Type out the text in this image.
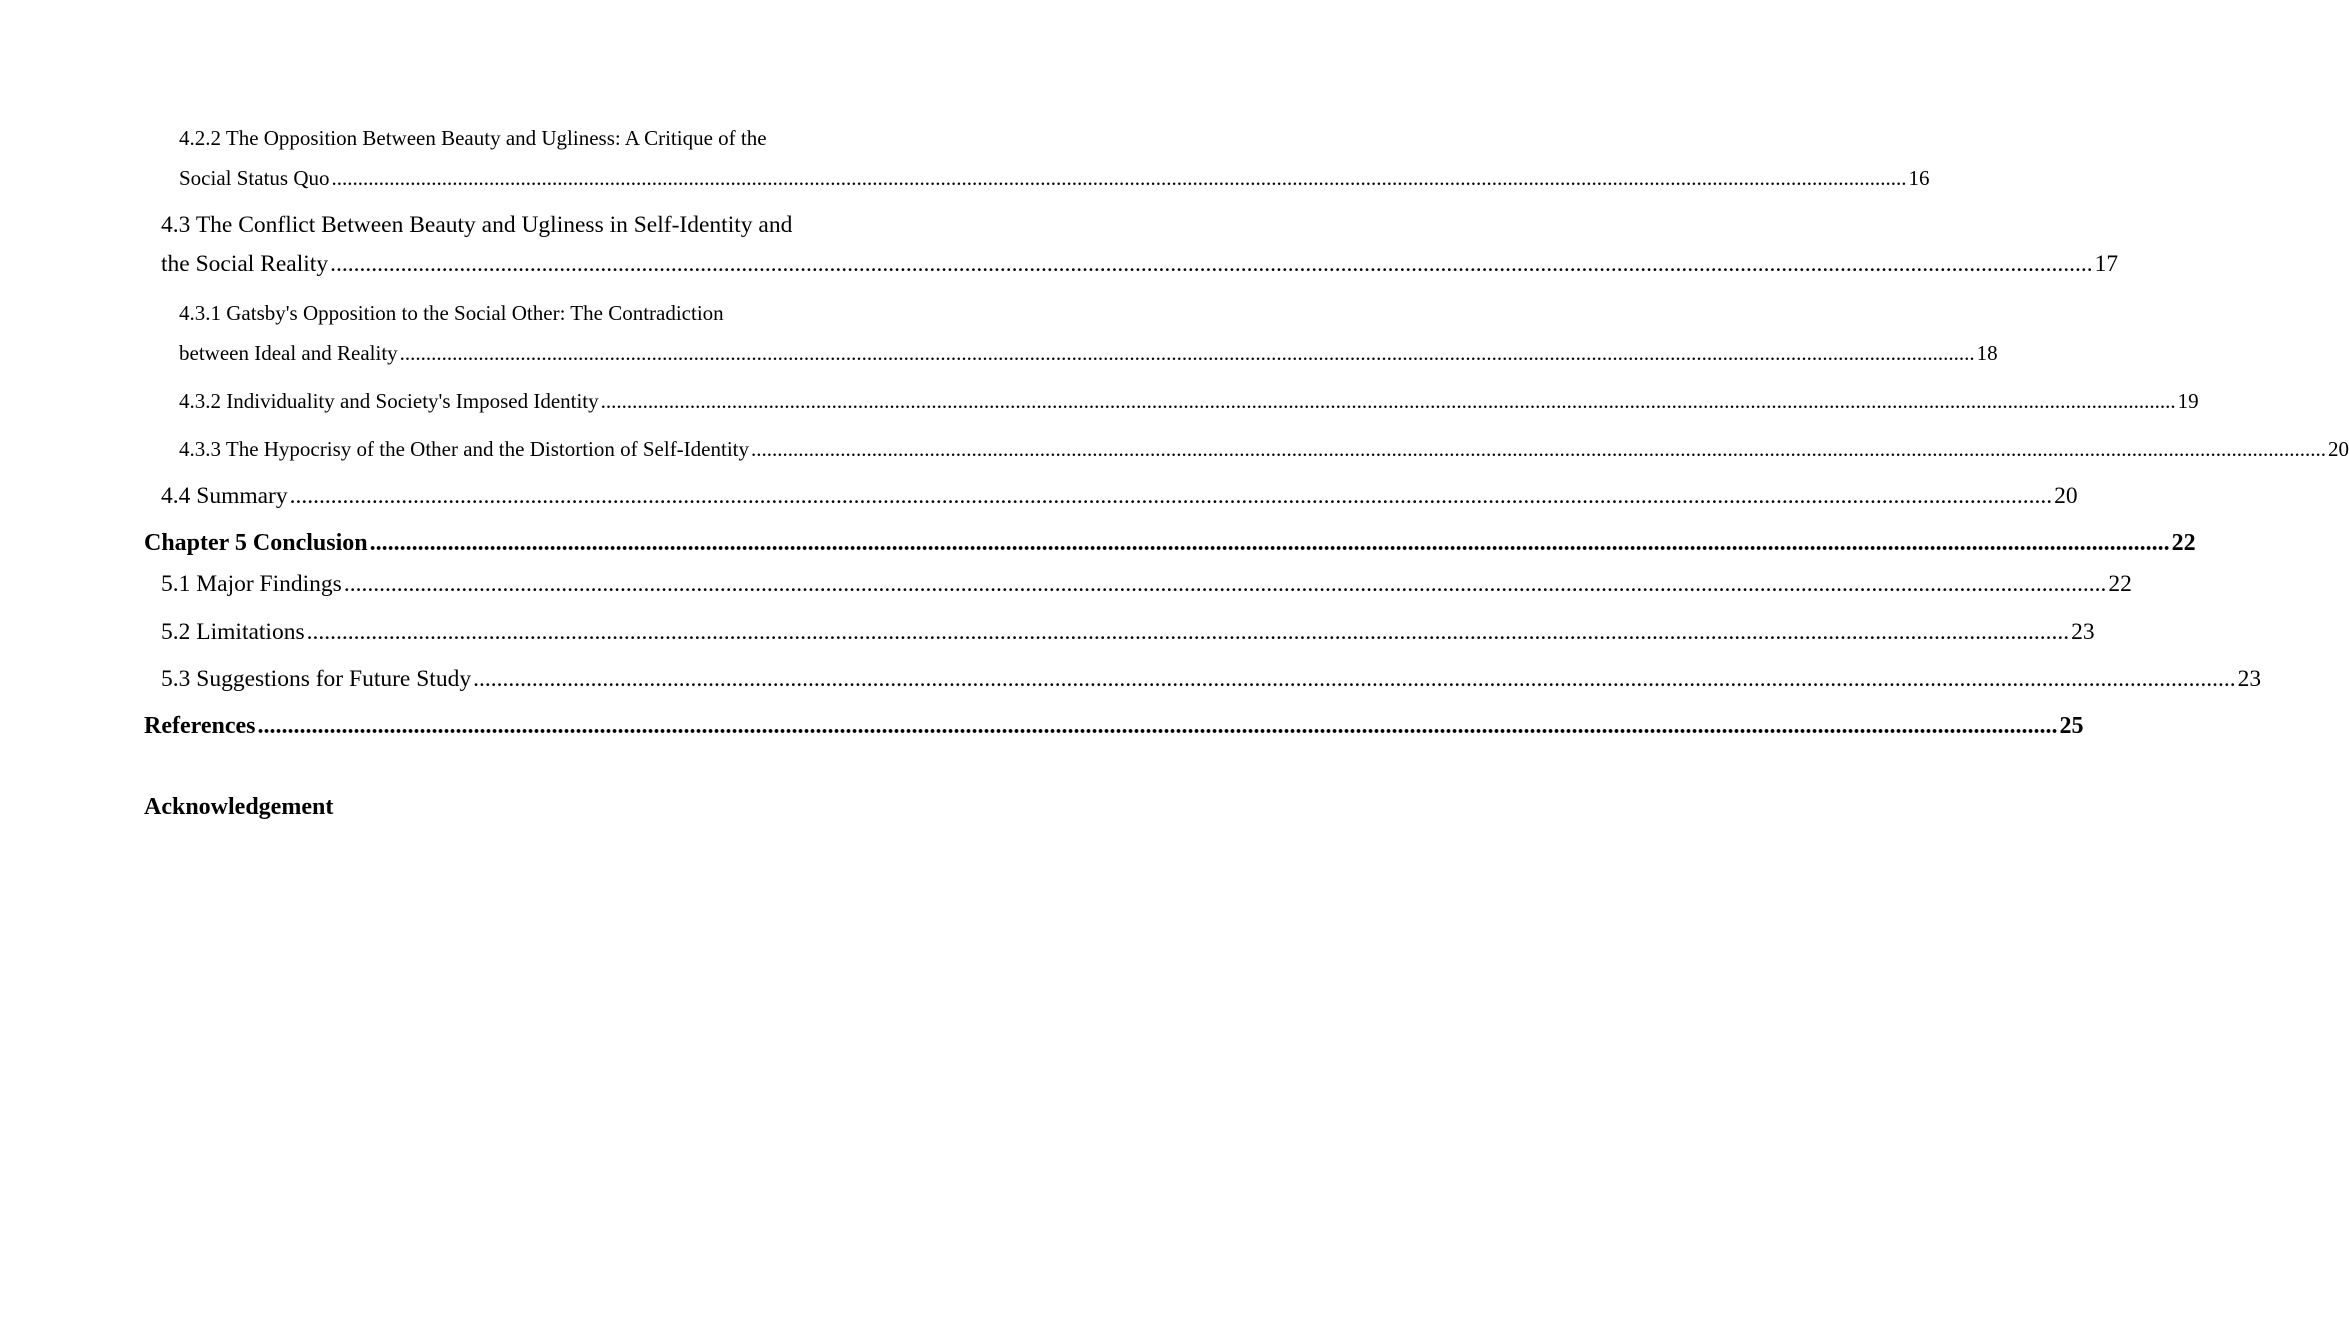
4.2.2 The Opposition Between Beauty and Ugliness: A Critique of the
Social Status Quo ............................................................................................................................................................................................................................................................................................................ 16
4.3 The Conflict Between Beauty and Ugliness in Self-Identity and
the Social Reality ............................................................................................................................................................................................................................................................................................................ 17
4.3.1 Gatsby's Opposition to the Social Other: The Contradiction
between Ideal and Reality ............................................................................................................................................................................................................................................................................................................ 18
4.3.2 Individuality and Society's Imposed Identity ............................................................................................................................................................................................................................................................................................................ 19
4.3.3 The Hypocrisy of the Other and the Distortion of Self-Identity ............................................................................................................................................................................................................................................................................................................ 20
4.4 Summary ............................................................................................................................................................................................................................................................................................................ 20
Chapter 5 Conclusion ............................................................................................................................................................................................................................................................................................................ 22
5.1 Major Findings ............................................................................................................................................................................................................................................................................................................ 22
5.2 Limitations ............................................................................................................................................................................................................................................................................................................ 23
5.3 Suggestions for Future Study ............................................................................................................................................................................................................................................................................................................ 23
References ............................................................................................................................................................................................................................................................................................................ 25
Acknowledgement
